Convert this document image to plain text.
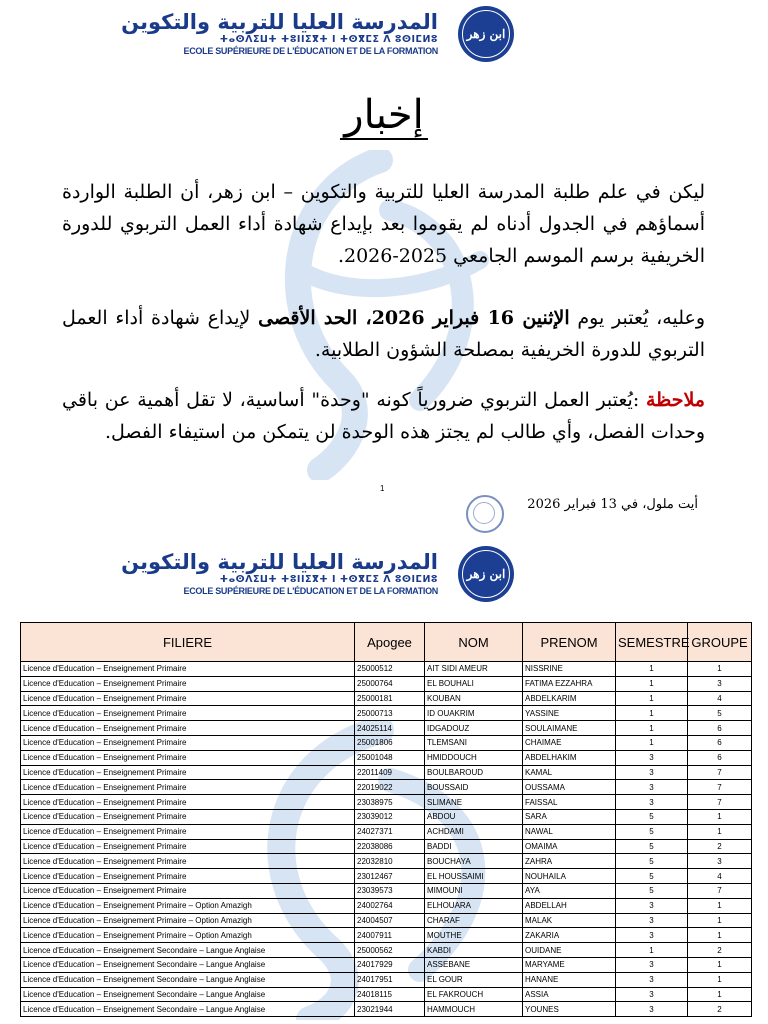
المدرسة العليا للتربية والتكوين
ⵜⴰⵙⴷⵉⵡⵜ ⵜⵓⵏⵏⵉⴳⵜ ⵏ ⵜⵙⴳⵎⵉ ⴷ ⵓⵙⵏⵎⵍⵓ
ECOLE SUPÉRIEURE DE L'ÉDUCATION ET DE LA FORMATION
ابن زهر
إخبار
ليكن في علم طلبة المدرسة العليا للتربية والتكوين – ابن زهر، أن الطلبة الواردة أسماؤهم في الجدول أدناه لم يقوموا بعد بإيداع شهادة أداء العمل التربوي للدورة الخريفية برسم الموسم الجامعي 2025-2026.
وعليه، يُعتبر يوم الإثنين 16 فبراير 2026، الحد الأقصى لإيداع شهادة أداء العمل التربوي للدورة الخريفية بمصلحة الشؤون الطلابية.
ملاحظة :يُعتبر العمل التربوي ضرورياً كونه "وحدة" أساسية، لا تقل أهمية عن باقي وحدات الفصل، وأي طالب لم يجتز هذه الوحدة لن يتمكن من استيفاء الفصل.
1
أيت ملول، في 13 فبراير 2026
المدرسة العليا للتربية والتكوين
ⵜⴰⵙⴷⵉⵡⵜ ⵜⵓⵏⵏⵉⴳⵜ ⵏ ⵜⵙⴳⵎⵉ ⴷ ⵓⵙⵏⵎⵍⵓ
ECOLE SUPÉRIEURE DE L'ÉDUCATION ET DE LA FORMATION
ابن زهر
FILIERE	Apogee	NOM	PRENOM	SEMESTRE	GROUPE
Licence d'Education – Enseignement Primaire	25000512	AIT SIDI AMEUR	NISSRINE	1	1
Licence d'Education – Enseignement Primaire	25000764	EL BOUHALI	FATIMA EZZAHRA	1	3
Licence d'Education – Enseignement Primaire	25000181	KOUBAN	ABDELKARIM	1	4
Licence d'Education – Enseignement Primaire	25000713	ID OUAKRIM	YASSINE	1	5
Licence d'Education – Enseignement Primaire	24025114	IDGADOUZ	SOULAIMANE	1	6
Licence d'Education – Enseignement Primaire	25001806	TLEMSANI	CHAIMAE	1	6
Licence d'Education – Enseignement Primaire	25001048	HMIDDOUCH	ABDELHAKIM	3	6
Licence d'Education – Enseignement Primaire	22011409	BOULBAROUD	KAMAL	3	7
Licence d'Education – Enseignement Primaire	22019022	BOUSSAID	OUSSAMA	3	7
Licence d'Education – Enseignement Primaire	23038975	SLIMANE	FAISSAL	3	7
Licence d'Education – Enseignement Primaire	23039012	ABDOU	SARA	5	1
Licence d'Education – Enseignement Primaire	24027371	ACHDAMI	NAWAL	5	1
Licence d'Education – Enseignement Primaire	22038086	BADDI	OMAIMA	5	2
Licence d'Education – Enseignement Primaire	22032810	BOUCHAYA	ZAHRA	5	3
Licence d'Education – Enseignement Primaire	23012467	EL HOUSSAIMI	NOUHAILA	5	4
Licence d'Education – Enseignement Primaire	23039573	MIMOUNI	AYA	5	7
Licence d'Education – Enseignement Primaire – Option Amazigh	24002764	ELHOUARA	ABDELLAH	3	1
Licence d'Education – Enseignement Primaire – Option Amazigh	24004507	CHARAF	MALAK	3	1
Licence d'Education – Enseignement Primaire – Option Amazigh	24007911	MOUTHE	ZAKARIA	3	1
Licence d'Education – Enseignement Secondaire – Langue Anglaise	25000562	KABDI	OUIDANE	1	2
Licence d'Education – Enseignement Secondaire – Langue Anglaise	24017929	ASSEBANE	MARYAME	3	1
Licence d'Education – Enseignement Secondaire – Langue Anglaise	24017951	EL GOUR	HANANE	3	1
Licence d'Education – Enseignement Secondaire – Langue Anglaise	24018115	EL FAKROUCH	ASSIA	3	1
Licence d'Education – Enseignement Secondaire – Langue Anglaise	23021944	HAMMOUCH	YOUNES	3	2
